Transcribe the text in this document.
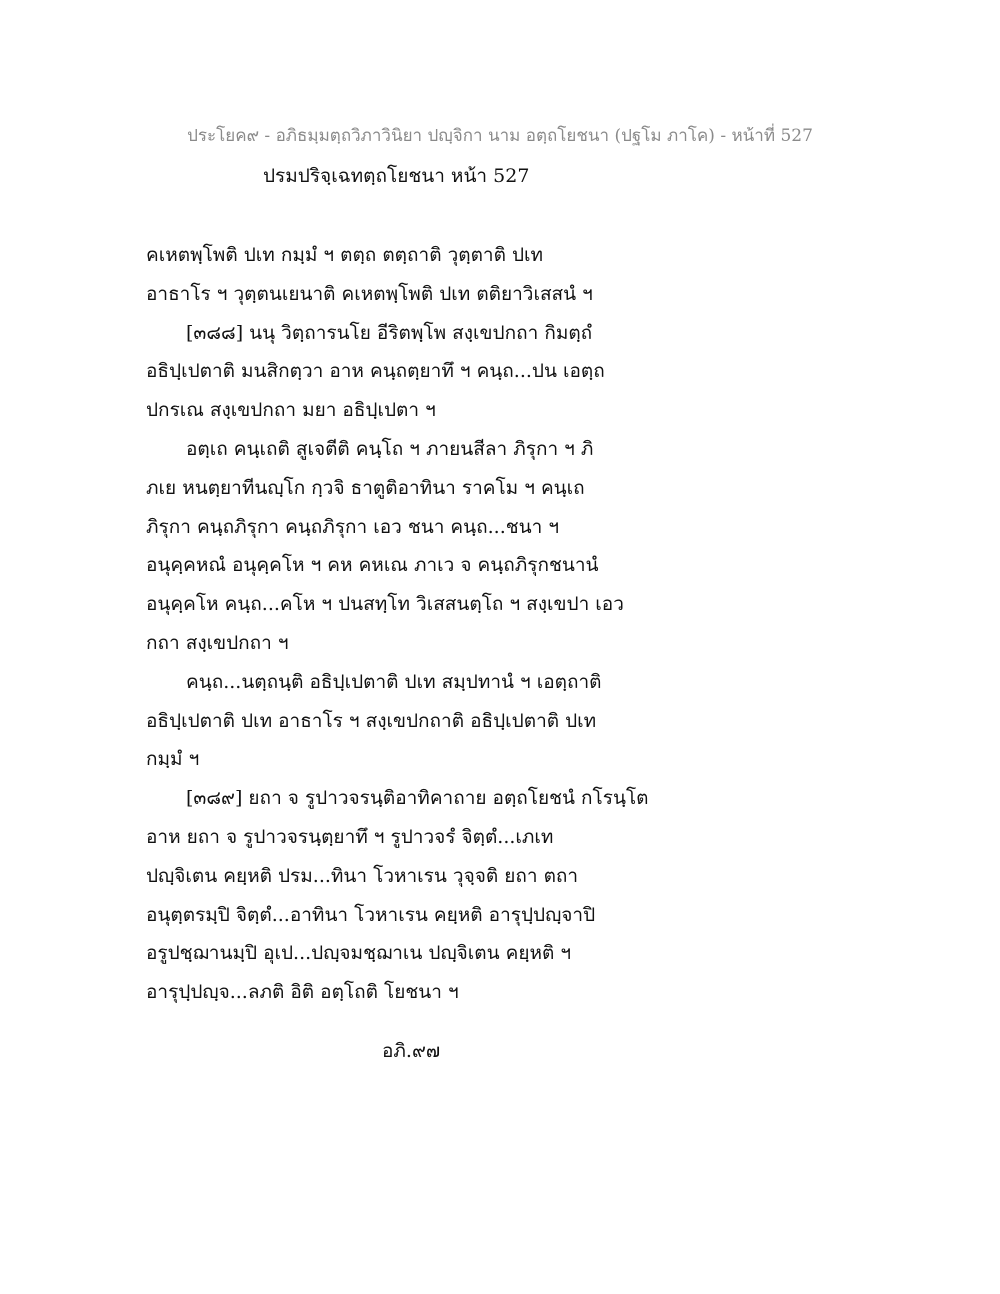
ประโยค๙ - อภิธมฺมตฺถวิภาวินิยา ปญฺจิกา นาม อตฺถโยชนา (ปฐโม ภาโค) - หน้าที่ 527
ปรมปริจฺเฉทตฺถโยชนา หน้า 527
คเหตพฺโพติ ปเท กมฺมํ ฯ ตตฺถ ตตฺถาติ วุตฺตาติ ปเท
อาธาโร ฯ วุตฺตนเยนาติ คเหตพฺโพติ ปเท ตติยาวิเสสนํ ฯ
[๓๘๘] นนุ วิตฺถารนโย อีริตพฺโพ สงฺเขปกถา กิมตฺถํ
อธิปฺเปตาติ มนสิกตฺวา อาห คนฺถตฺยาทึ ฯ คนฺถ...ปน เอตฺถ
ปกรเณ สงฺเขปกถา มยา อธิปฺเปตา ฯ
อตฺเถ คนฺเถติ สูเจตีติ คนฺโถ ฯ ภายนสีลา ภิรุกา ฯ ภิ
ภเย หนตฺยาทีนญฺโก กฺวจิ ธาตูติอาทินา ราคโม ฯ คนฺเถ
ภิรุกา คนฺถภิรุกา คนฺถภิรุกา เอว ชนา คนฺถ...ชนา ฯ
อนุคฺคหณํ อนุคฺคโห ฯ คห คหเณ ภาเว จ คนฺถภิรุกชนานํ
อนุคฺคโห คนฺถ...คโห ฯ ปนสทฺโท วิเสสนตฺโถ ฯ สงฺเขปา เอว
กถา สงฺเขปกถา ฯ
คนฺถ...นตฺถนฺติ อธิปฺเปตาติ ปเท สมฺปทานํ ฯ เอตฺถาติ
อธิปฺเปตาติ ปเท อาธาโร ฯ สงฺเขปกถาติ อธิปฺเปตาติ ปเท
กมฺมํ ฯ
[๓๘๙] ยถา จ รูปาวจรนฺติอาทิคาถาย อตฺถโยชนํ กโรนฺโต
อาห ยถา จ รูปาวจรนฺตฺยาทึ ฯ รูปาวจรํ จิตฺตํ...เภเท
ปญฺจิเตน คยฺหติ ปรม...ทินา โวหาเรน วุจฺจติ ยถา ตถา
อนุตฺตรมฺปิ จิตฺตํ...อาทินา โวหาเรน คยฺหติ อารุปฺปญฺจาปิ
อรูปชฺฌานมฺปิ อุเป...ปญฺจมชฺฌาเน ปญฺจิเตน คยฺหติ ฯ
อารุปฺปญฺจ...ลภติ อิติ อตฺโถติ โยชนา ฯ
อภิ.๙๗
